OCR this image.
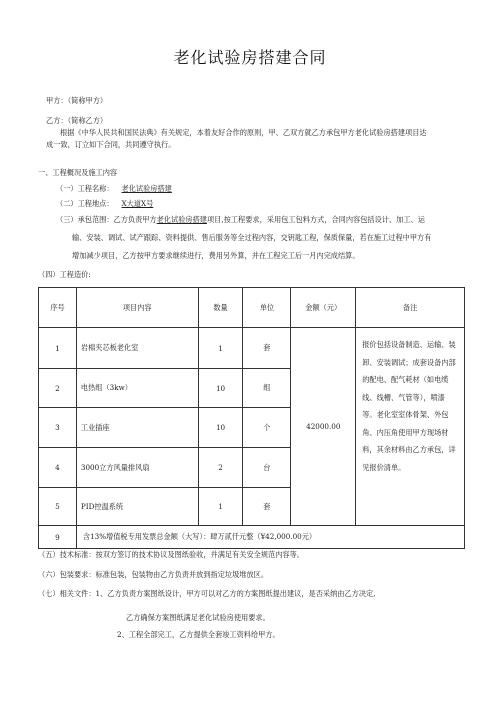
老化试验房搭建合同
甲方：（简称甲方）
乙方：（简称乙方）
根据《中华人民共和国民法典》有关规定，本着友好合作的原则，甲、乙双方就乙方承包甲方老化试验房搭建项目达
成一致，订立如下合同，共同遵守执行。
一、工程概况及施工内容
（一）工程名称： 老化试验房搭建
（二）工程地点： X大道X号
（三）承包范围：乙方负责甲方老化试验房搭建项目,按工程要求，采用包工包料方式，合同内容包括设计、加工、运
输、安装、调试、试产跟踪、资料提供、售后服务等全过程内容，交钥匙工程，保质保量，若在施工过程中甲方有
增加减少项目，乙方按甲方要求继续进行，费用另外算，并在工程完工后一月内完成结算。
（四）工程造价:
序号	项目内容	数量	单位	金额（元）	备注
1	岩棉夹芯板老化室	1	套	42000.00	报价包括设备制造、运输、装卸、安装调试；成套设备内部的配电、配气耗材（如电缆线、线槽、气管等），喷漆等。老化室室体骨架、外包角、内压角使用甲方现场材料，其余材料由乙方承包，详见报价清单。
2	电热组（3kw）	10	组		
3	工业插座	10	个		
4	3000立方风量排风扇	2	台		
5	PID控温系统	1	套		
9	含13%增值税专用发票总金额（大写）：肆万贰仟元整（¥42,000.00元）				
（五）技术标准：按双方签订的技术协议及图纸验收，并满足有关安全规范内容等。
（六）包装要求：标准包装，包装物由乙方负责并放到指定垃圾堆放区。
（七）相关文件：1、乙方负责方案图纸设计，甲方可以对乙方的方案图纸提出建议，是否采纳由乙方决定,
乙方确保方案图纸满足老化试验房使用要求。
2、工程全部完工，乙方提供全套竣工资料给甲方。
